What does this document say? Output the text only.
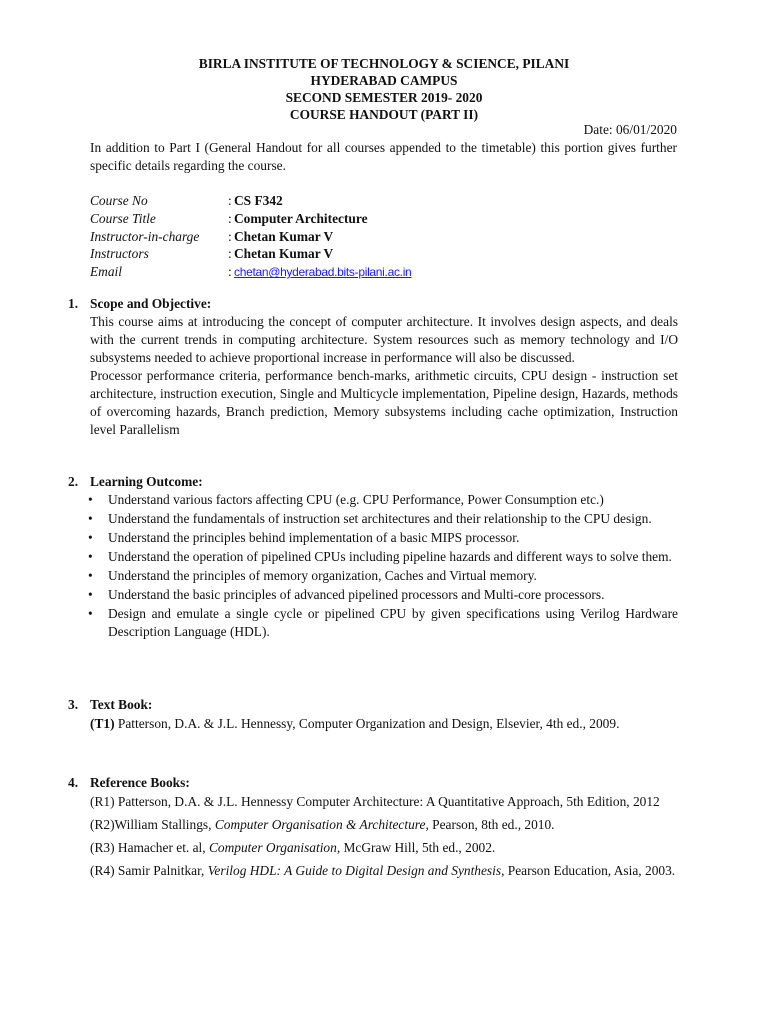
BIRLA INSTITUTE OF TECHNOLOGY & SCIENCE, PILANI
HYDERABAD CAMPUS
SECOND SEMESTER 2019- 2020
COURSE HANDOUT (PART II)
Date: 06/01/2020
In addition to Part I (General Handout for all courses appended to the timetable) this portion gives further specific details regarding the course.
Course No	: CS F342
Course Title	: Computer Architecture
Instructor-in-charge	: Chetan Kumar V
Instructors	: Chetan Kumar V
Email	: chetan@hyderabad.bits-pilani.ac.in
1. Scope and Objective:

This course aims at introducing the concept of computer architecture. It involves design aspects, and deals with the current trends in computing architecture. System resources such as memory technology and I/O subsystems needed to achieve proportional increase in performance will also be discussed.

Processor performance criteria, performance bench-marks, arithmetic circuits, CPU design - instruction set architecture, instruction execution, Single and Multicycle implementation, Pipeline design, Hazards, methods of overcoming hazards, Branch prediction, Memory subsystems including cache optimization, Instruction level Parallelism

2. Learning Outcome:
• Understand various factors affecting CPU (e.g. CPU Performance, Power Consumption etc.)
• Understand the fundamentals of instruction set architectures and their relationship to the CPU design.
• Understand the principles behind implementation of a basic MIPS processor.
• Understand the operation of pipelined CPUs including pipeline hazards and different ways to solve them.
• Understand the principles of memory organization, Caches and Virtual memory.
• Understand the basic principles of advanced pipelined processors and Multi-core processors.
• Design and emulate a single cycle or pipelined CPU by given specifications using Verilog Hardware Description Language (HDL).
3. Text Book:
(T1) Patterson, D.A. & J.L. Hennessy, Computer Organization and Design, Elsevier, 4th ed., 2009.
4. Reference Books:

(R1) Patterson, D.A. & J.L. Hennessy Computer Architecture: A Quantitative Approach, 5th Edition, 2012

(R2)William Stallings, Computer Organisation & Architecture, Pearson, 8th ed., 2010.

(R3) Hamacher et. al, Computer Organisation, McGraw Hill, 5th ed., 2002.

(R4) Samir Palnitkar, Verilog HDL: A Guide to Digital Design and Synthesis, Pearson Education, Asia, 2003.
